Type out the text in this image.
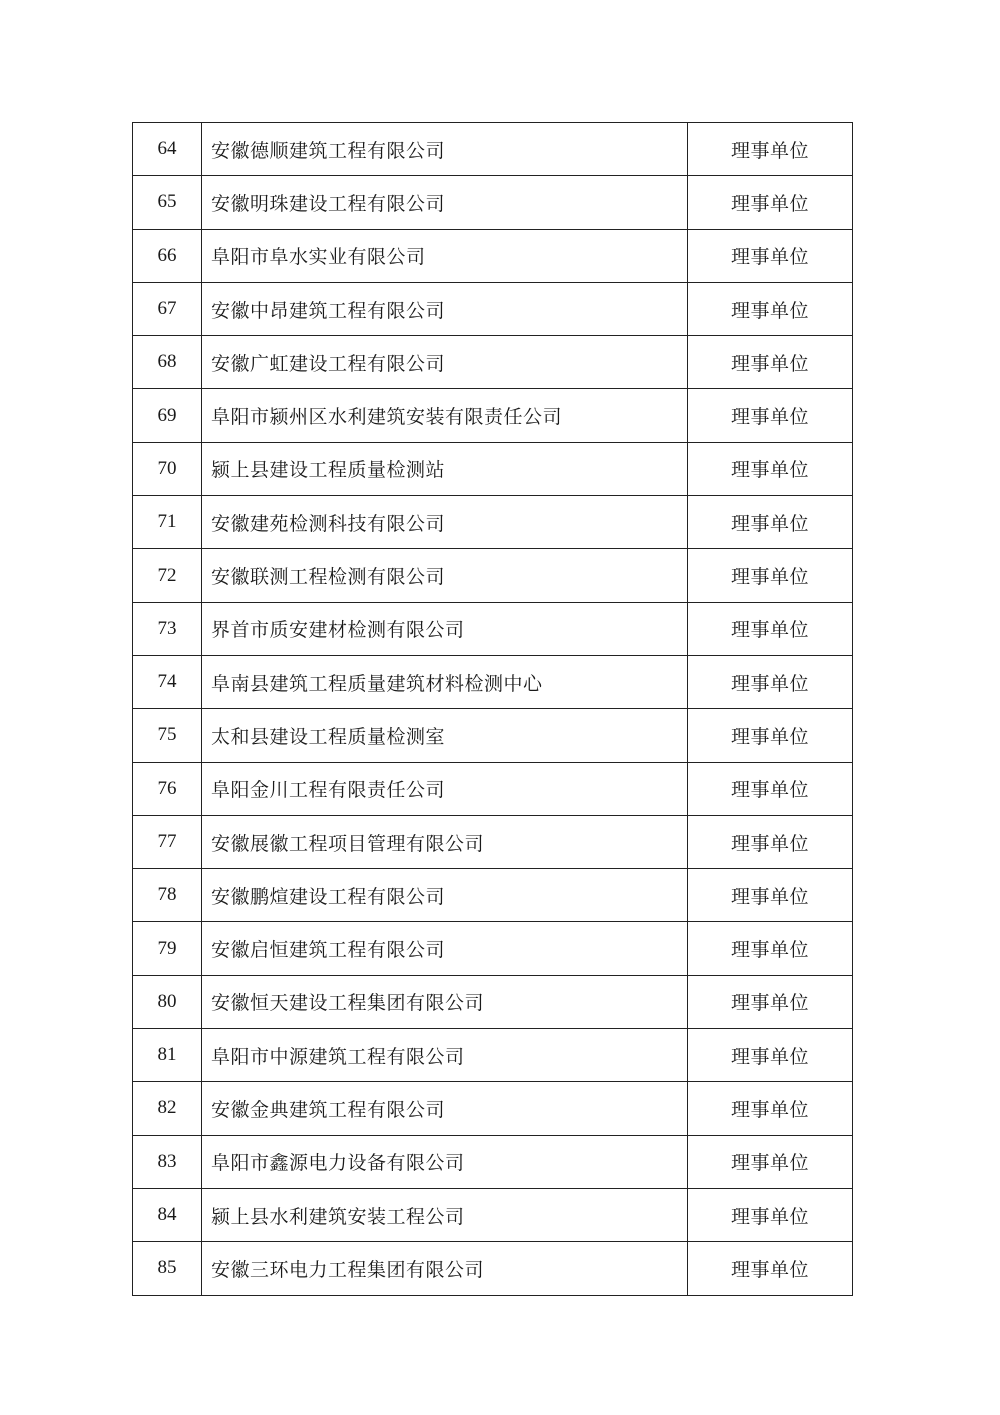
64	安徽德顺建筑工程有限公司	理事单位
65	安徽明珠建设工程有限公司	理事单位
66	阜阳市阜水实业有限公司	理事单位
67	安徽中昂建筑工程有限公司	理事单位
68	安徽广虹建设工程有限公司	理事单位
69	阜阳市颍州区水利建筑安装有限责任公司	理事单位
70	颍上县建设工程质量检测站	理事单位
71	安徽建苑检测科技有限公司	理事单位
72	安徽联测工程检测有限公司	理事单位
73	界首市质安建材检测有限公司	理事单位
74	阜南县建筑工程质量建筑材料检测中心	理事单位
75	太和县建设工程质量检测室	理事单位
76	阜阳金川工程有限责任公司	理事单位
77	安徽展徽工程项目管理有限公司	理事单位
78	安徽鹏煊建设工程有限公司	理事单位
79	安徽启恒建筑工程有限公司	理事单位
80	安徽恒天建设工程集团有限公司	理事单位
81	阜阳市中源建筑工程有限公司	理事单位
82	安徽金典建筑工程有限公司	理事单位
83	阜阳市鑫源电力设备有限公司	理事单位
84	颍上县水利建筑安装工程公司	理事单位
85	安徽三环电力工程集团有限公司	理事单位
